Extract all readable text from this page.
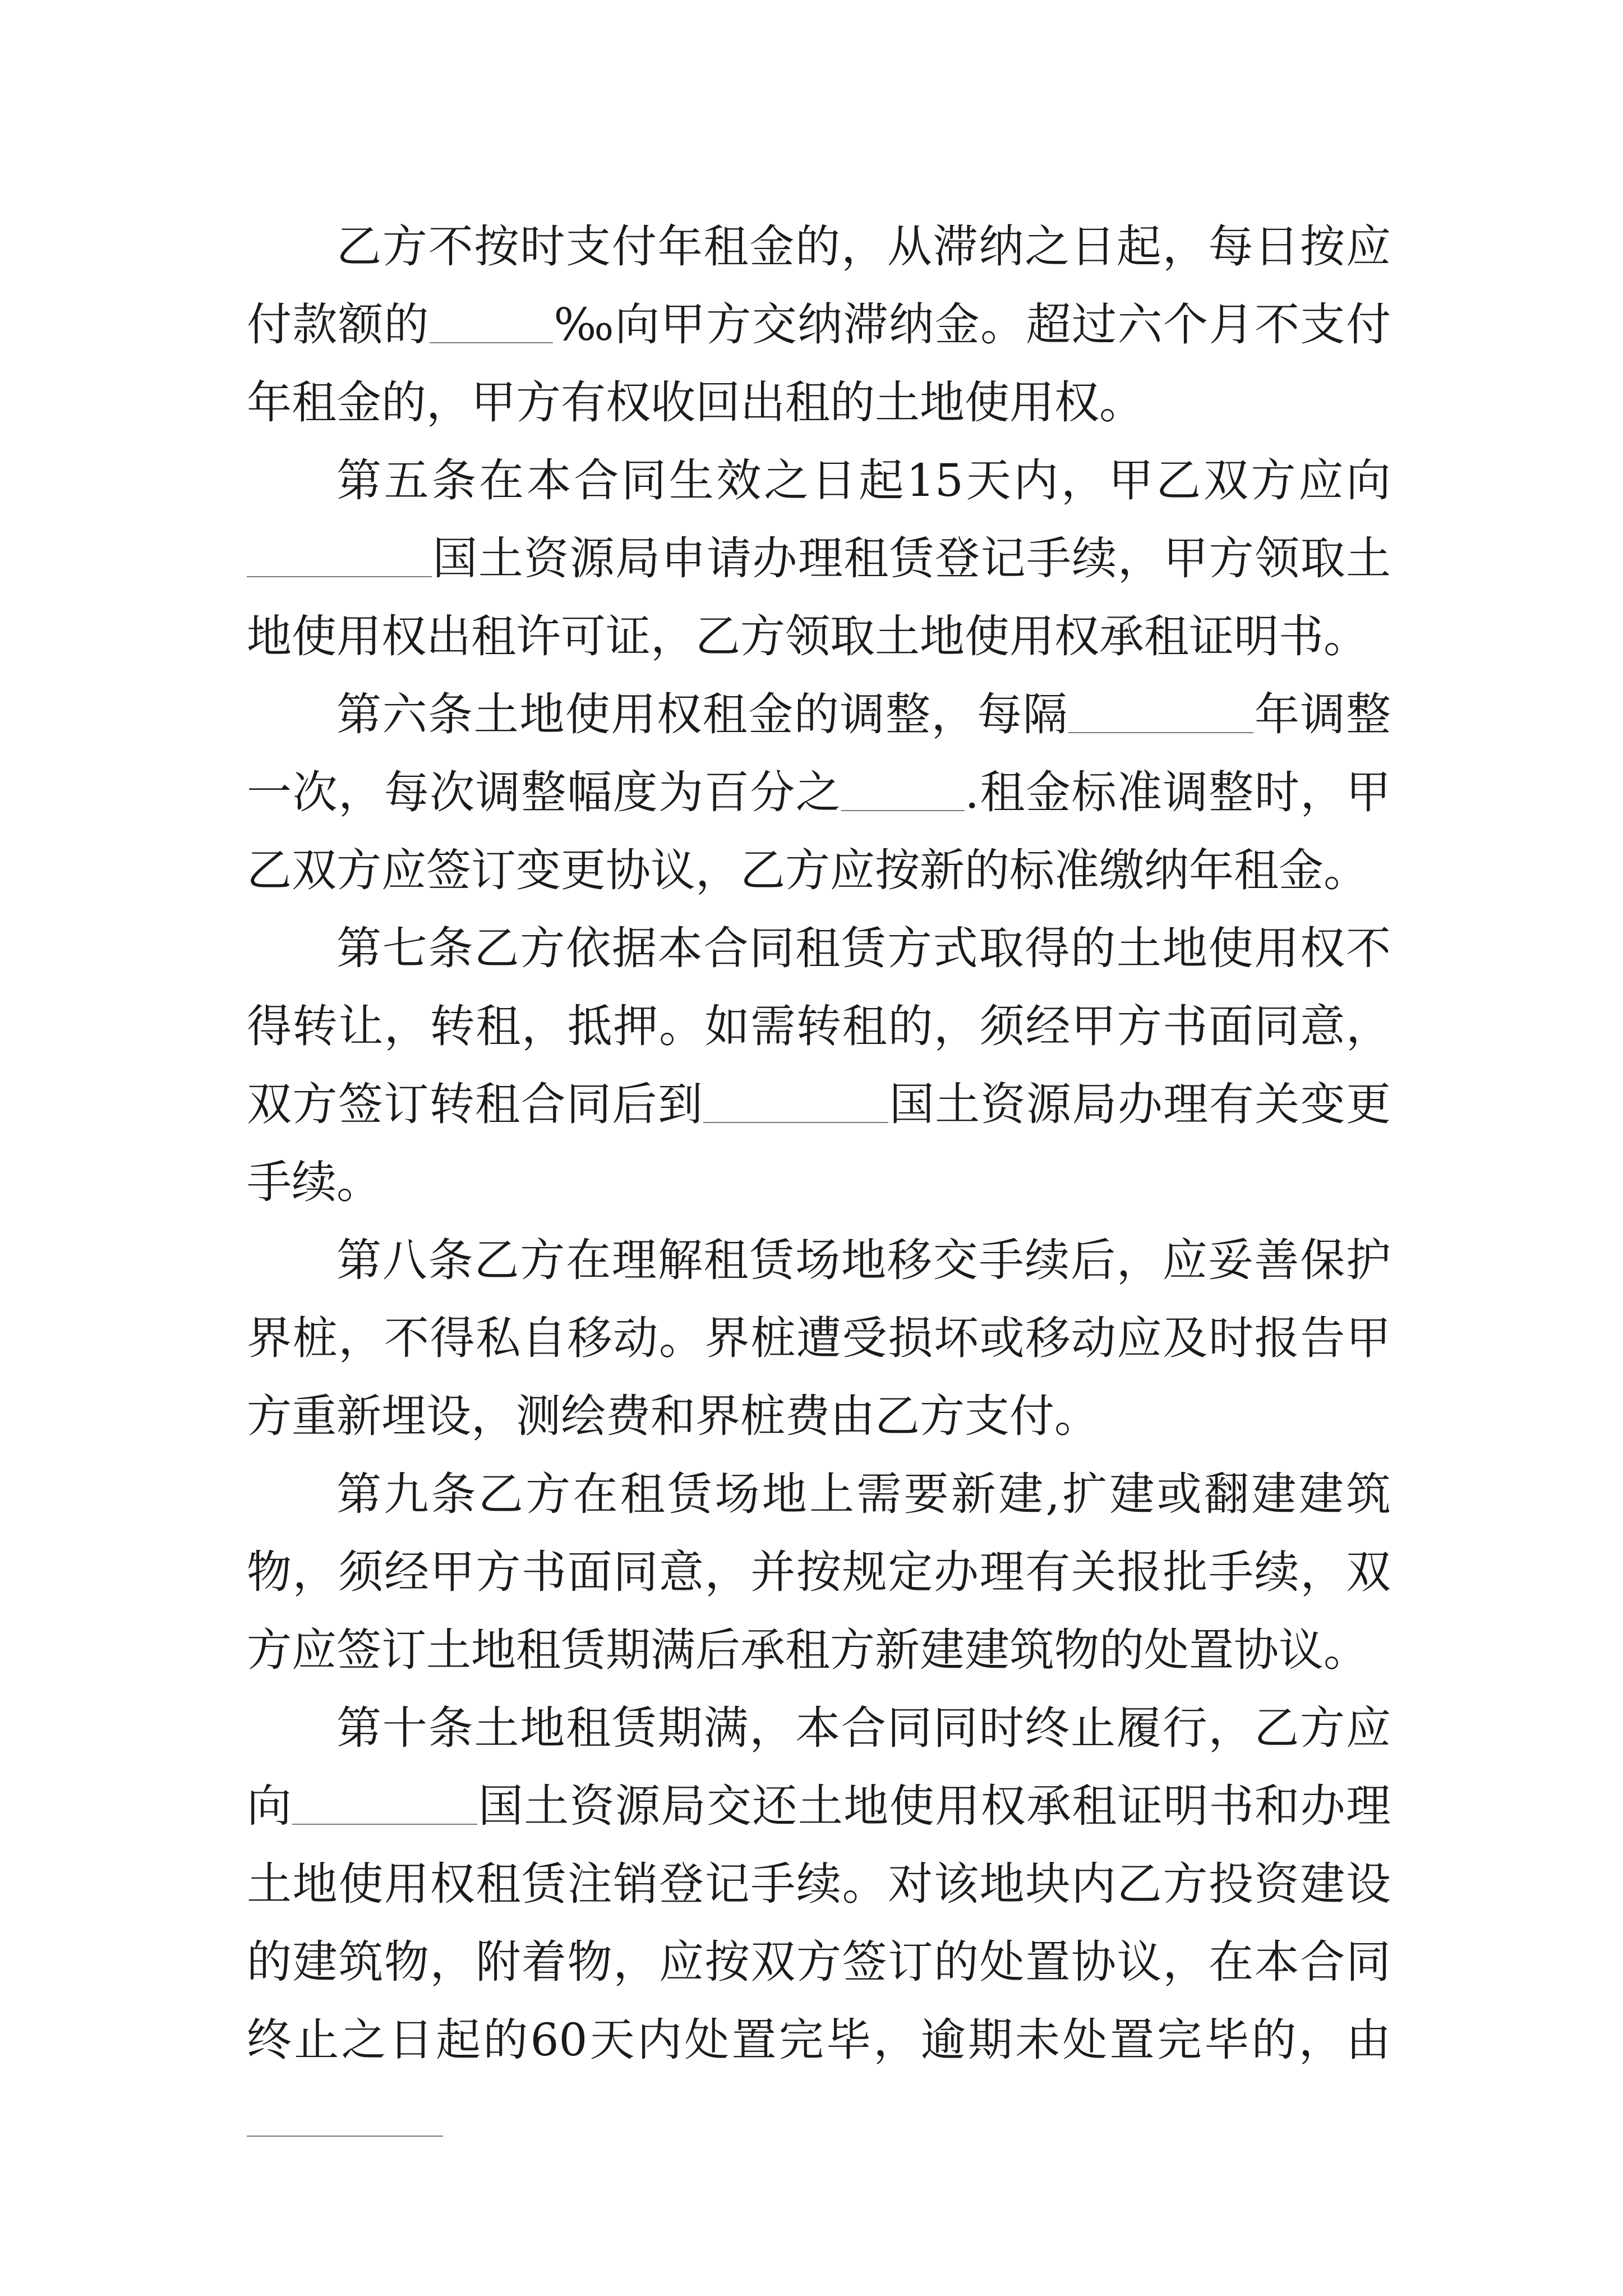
乙方不按时支付年租金的，从滞纳之日起，每日按应付款额的	‰向甲方交纳滞纳金。超过六个月不支付年租金的，甲方有权收回出租的土地使用权。

第五条在本合同生效之日起15天内，甲乙双方应向国土资源局申请办理租赁登记手续，甲方领取土地使用权出租许可证，乙方领取土地使用权承租证明书。

第六条土地使用权租金的调整，每隔	年调整一次，每次调整幅度为百分之	.租金标准调整时，甲乙双方应签订变更协议，乙方应按新的标准缴纳年租金。

第七条乙方依据本合同租赁方式取得的土地使用权不得转让，转租，抵押。如需转租的，须经甲方书面同意，双方签订转租合同后到	国土资源局办理有关变更手续。

第八条乙方在理解租赁场地移交手续后，应妥善保护界桩，不得私自移动。界桩遭受损坏或移动应及时报告甲方重新埋设，测绘费和界桩费由乙方支付。

第九条乙方在租赁场地上需要新建,扩建或翻建建筑物，须经甲方书面同意，并按规定办理有关报批手续，双方应签订土地租赁期满后承租方新建建筑物的处置协议。

第十条土地租赁期满，本合同同时终止履行，乙方应向	国土资源局交还土地使用权承租证明书和办理土地使用权租赁注销登记手续。对该地块内乙方投资建设的建筑物，附着物，应按双方签订的处置协议，在本合同终止之日起的60天内处置完毕，逾期未处置完毕的，由
